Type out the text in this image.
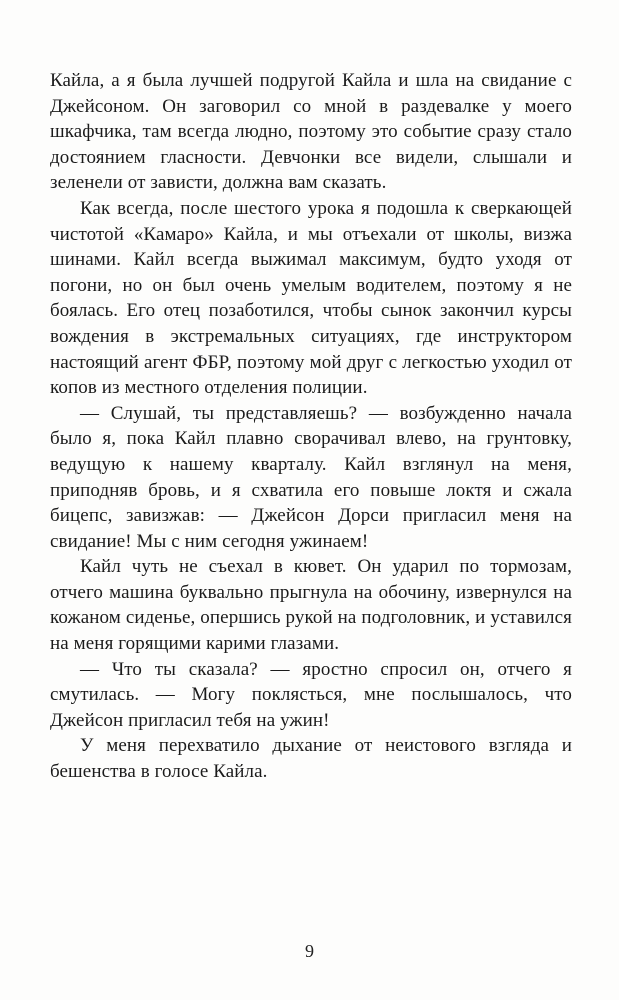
Кайла, а я была лучшей подругой Кайла и шла на свидание с Джейсоном. Он заговорил со мной в раздевалке у моего шкафчика, там всегда людно, поэтому это событие сразу стало достоянием гласности. Девчонки все видели, слышали и зеленели от зависти, должна вам сказать.

Как всегда, после шестого урока я подошла к сверкающей чистотой «Камаро» Кайла, и мы отъехали от школы, визжа шинами. Кайл всегда выжимал максимум, будто уходя от погони, но он был очень умелым водителем, поэтому я не боялась. Его отец позаботился, чтобы сынок закончил курсы вождения в экстремальных ситуациях, где инструктором настоящий агент ФБР, поэтому мой друг с легкостью уходил от копов из местного отделения полиции.

— Слушай, ты представляешь? — возбужденно начала было я, пока Кайл плавно сворачивал влево, на грунтовку, ведущую к нашему кварталу. Кайл взглянул на меня, приподняв бровь, и я схватила его повыше локтя и сжала бицепс, завизжав: — Джейсон Дорси пригласил меня на свидание! Мы с ним сегодня ужинаем!

Кайл чуть не съехал в кювет. Он ударил по тормозам, отчего машина буквально прыгнула на обочину, извернулся на кожаном сиденье, опершись рукой на подголовник, и уставился на меня горящими карими глазами.

— Что ты сказала? — яростно спросил он, отчего я смутилась. — Могу поклясться, мне послышалось, что Джейсон пригласил тебя на ужин!

У меня перехватило дыхание от неистового взгляда и бешенства в голосе Кайла.

9
